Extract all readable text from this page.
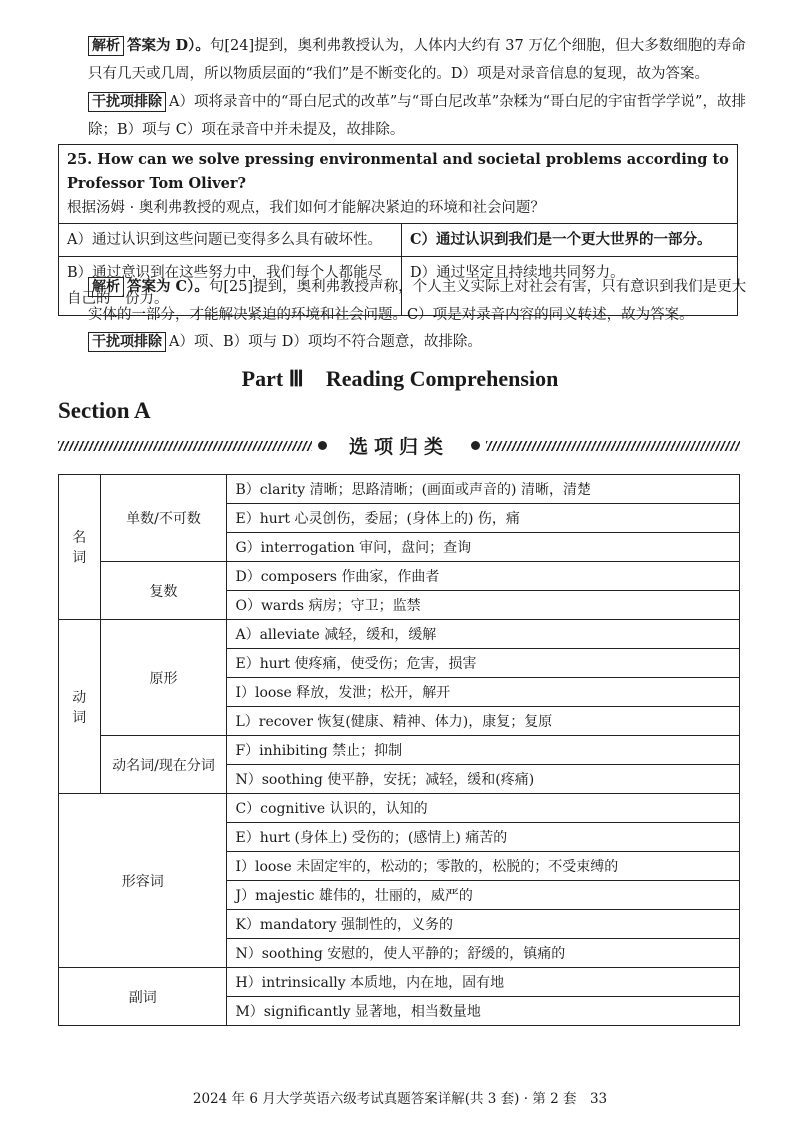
解析 答案为 D）。句[24]提到，奥利弗教授认为，人体内大约有 37 万亿个细胞，但大多数细胞的寿命只有几天或几周，所以物质层面的“我们”是不断变化的。D）项是对录音信息的复现，故为答案。
干扰项排除 A）项将录音中的“哥白尼式的改革”与“哥白尼改革”杂糅为“哥白尼的宇宙哲学学说”，故排除；B）项与 C）项在录音中并未提及，故排除。
25. How can we solve pressing environmental and societal problems according to Professor Tom Oliver?
根据汤姆 · 奥利弗教授的观点，我们如何才能解决紧迫的环境和社会问题？	

A）通过认识到这些问题已变得多么具有破坏性。	C）通过认识到我们是一个更大世界的一部分。
B）通过意识到在这些努力中，我们每个人都能尽自己的一份力。	D）通过坚定且持续地共同努力。
解析 答案为 C）。句[25]提到，奥利弗教授声称，个人主义实际上对社会有害，只有意识到我们是更大实体的一部分，才能解决紧迫的环境和社会问题。C）项是对录音内容的同义转述，故为答案。
干扰项排除 A）项、B）项与 D）项均不符合题意，故排除。
Part Ⅲ　Reading Comprehension
Section A
选项归类
名词	单数/不可数	B）clarity 清晰；思路清晰；(画面或声音的) 清晰，清楚
		E）hurt 心灵创伤，委屈；(身体上的) 伤，痛
		G）interrogation 审问，盘问；查询
	复数	D）composers 作曲家，作曲者
		O）wards 病房；守卫；监禁
动词	原形	A）alleviate 减轻，缓和，缓解
		E）hurt 使疼痛，使受伤；危害，损害
		I）loose 释放，发泄；松开，解开
		L）recover 恢复(健康、精神、体力)，康复；复原
	动名词/现在分词	F）inhibiting 禁止；抑制
		N）soothing 使平静，安抚；减轻，缓和(疼痛)
形容词		C）cognitive 认识的，认知的
		E）hurt (身体上) 受伤的；(感情上) 痛苦的
		I）loose 未固定牢的，松动的；零散的，松脱的；不受束缚的
		J）majestic 雄伟的，壮丽的，威严的
		K）mandatory 强制性的，义务的
		N）soothing 安慰的，使人平静的；舒缓的，镇痛的
副词		H）intrinsically 本质地，内在地，固有地
		M）significantly 显著地，相当数量地
2024 年 6 月大学英语六级考试真题答案详解(共 3 套) · 第 2 套　33
